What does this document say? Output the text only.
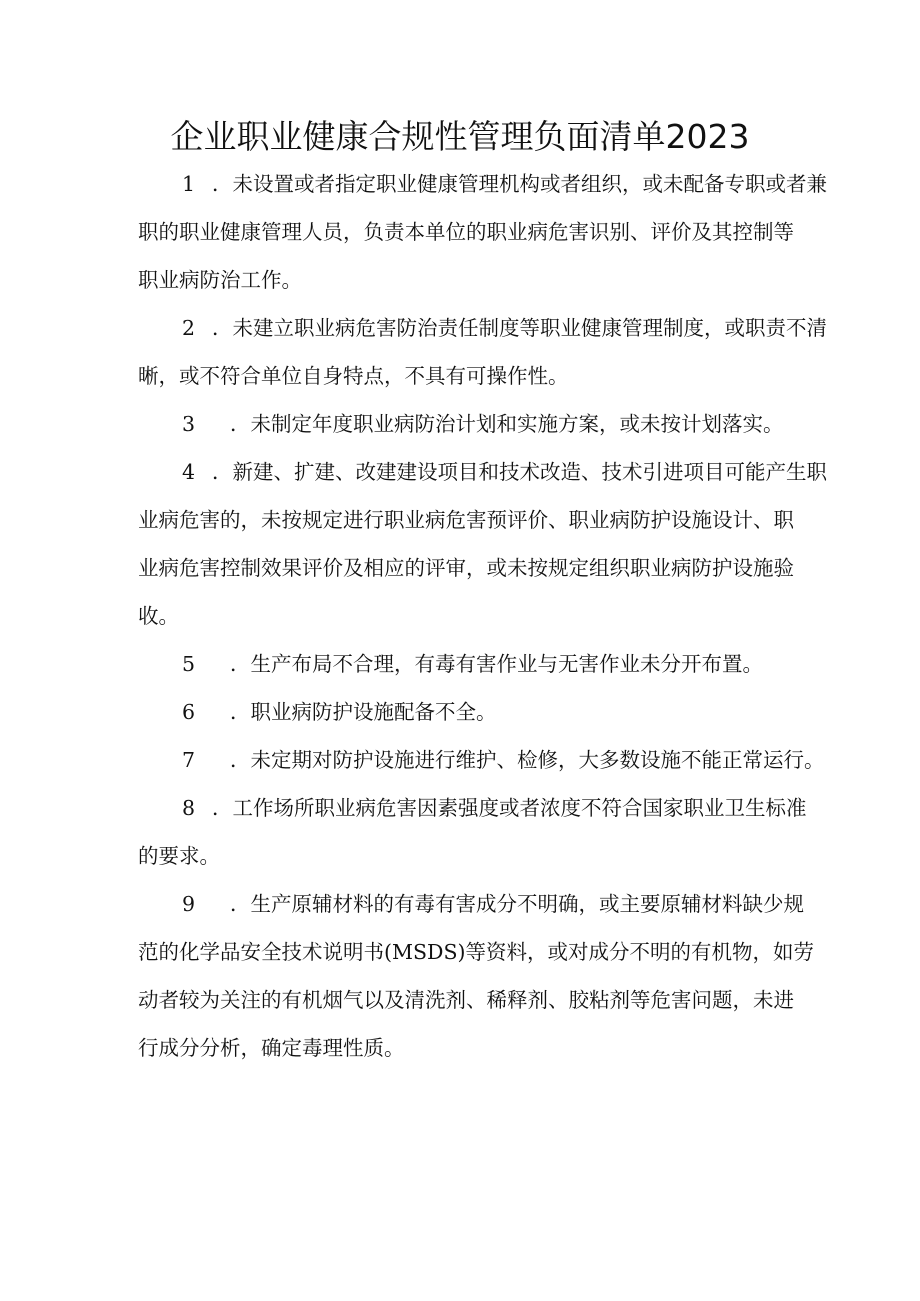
企业职业健康合规性管理负面清单2023
1 ．未设置或者指定职业健康管理机构或者组织，或未配备专职或者兼
职的职业健康管理人员，负责本单位的职业病危害识别、评价及其控制等
职业病防治工作。
2 ．未建立职业病危害防治责任制度等职业健康管理制度，或职责不清
晰，或不符合单位自身特点，不具有可操作性。
3 ．未制定年度职业病防治计划和实施方案，或未按计划落实。
4 ．新建、扩建、改建建设项目和技术改造、技术引进项目可能产生职
业病危害的，未按规定进行职业病危害预评价、职业病防护设施设计、职
业病危害控制效果评价及相应的评审，或未按规定组织职业病防护设施验
收。
5 ．生产布局不合理，有毒有害作业与无害作业未分开布置。
6 ．职业病防护设施配备不全。
7 ．未定期对防护设施进行维护、检修，大多数设施不能正常运行。
8 ．工作场所职业病危害因素强度或者浓度不符合国家职业卫生标准
的要求。
9 ．生产原辅材料的有毒有害成分不明确，或主要原辅材料缺少规
范的化学品安全技术说明书(MSDS)等资料，或对成分不明的有机物，如劳
动者较为关注的有机烟气以及清洗剂、稀释剂、胶粘剂等危害问题，未进
行成分分析，确定毒理性质。
